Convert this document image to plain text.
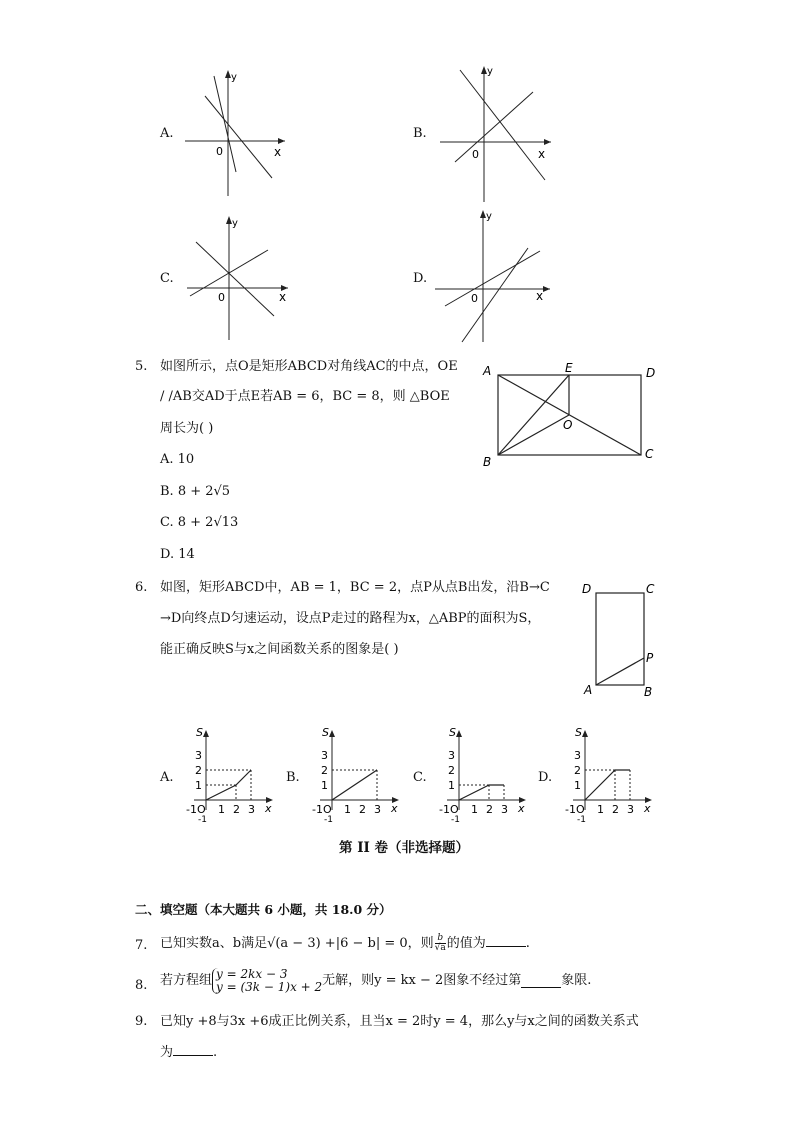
A.
0	x
y
B.
0	x
y
C.
0	x
y
D.
0	x
y
5. 如图所示，点O是矩形ABCD对角线AC的中点，OE
/ /AB交AD于点E若AB = 6，BC = 8，则 △BOE
周长为( )
A. 10
B. 8 + 2√5
C. 8 + 2√13
D. 14
A	E	D
B
C
O
6. 如图，矩形ABCD中，AB = 1，BC = 2，点P从点B出发，沿B→C
→D向终点D匀速运动，设点P走过的路程为x，△ABP的面积为S，
能正确反映S与x之间函数关系的图象是( )
D	C
P
A	B
A.	B.	C.	D.
S
x
-1O
-1
1
1
2
2
3
3
S
x
-1O
-1
1
1
2
2
3
3
S
x
-1O
-1
1
1
2
2
3
3
S
x
-1O
-1
1
1
2
2
3
3
第 II 卷（非选择题）
二、填空题（本大题共 6 小题，共 18.0 分）
7. 已知实数a、b满足√(a − 3) +|6 − b| = 0，则 $\frac{b}{√a}$ 的值为	.
8. 若方程组 y = 2kx − 3
y = (3k − 1)x + 2 无解，则y = kx − 2图象不经过第	象限.
9. 已知y +8与3x +6成正比例关系，且当x = 2时y = 4，那么y与x之间的函数关系式
为	.
